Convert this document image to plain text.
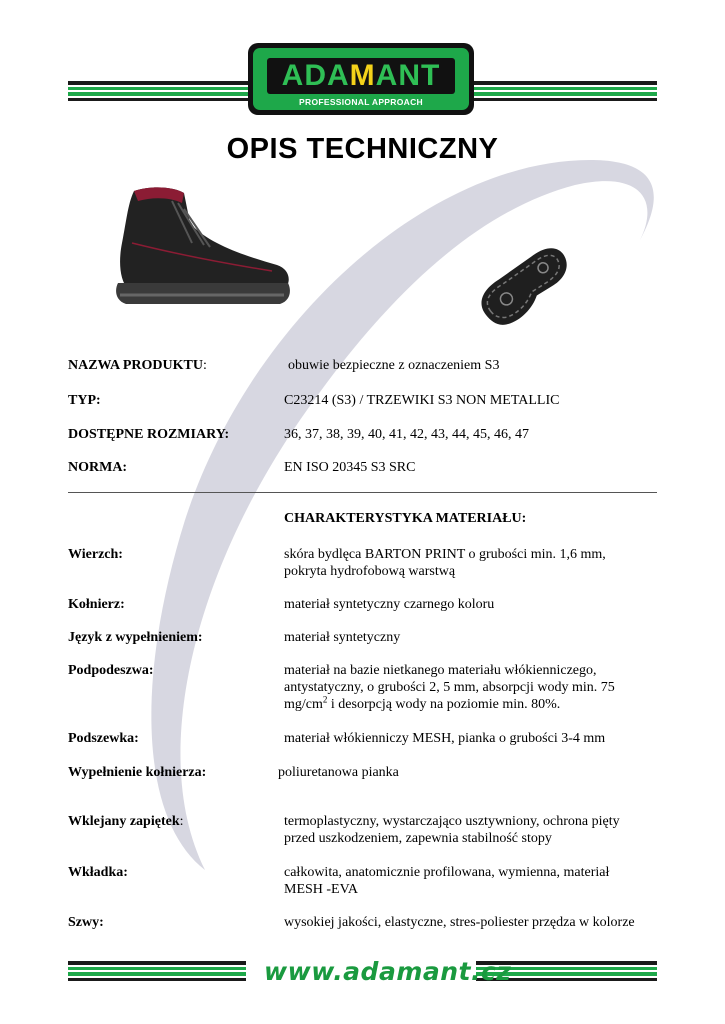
ADAMANT
PROFESSIONAL APPROACH
OPIS TECHNICZNY
NAZWA PRODUKTU:	obuwie bezpieczne z oznaczeniem S3
TYP:	C23214 (S3) / TRZEWIKI S3 NON METALLIC
DOSTĘPNE ROZMIARY:	36, 37, 38, 39, 40, 41, 42, 43, 44, 45, 46, 47
NORMA:	EN ISO 20345 S3 SRC
CHARAKTERYSTYKA MATERIAŁU:
Wierzch:	skóra bydlęca BARTON PRINT o grubości min. 1,6 mm,
pokryta hydrofobową warstwą
Kołnierz:	materiał syntetyczny czarnego koloru
Język z wypełnieniem:	materiał syntetyczny
Podpodeszwa:	materiał na bazie nietkanego materiału włókienniczego,
antystatyczny, o grubości 2, 5 mm, absorpcji wody min. 75
$mg/cm^2$ i desorpcją wody na poziomie min. 80%.
Podszewka:	materiał włókienniczy MESH, pianka o grubości 3-4 mm
Wypełnienie kołnierza:	poliuretanowa pianka
Wklejany zapiętek:	termoplastyczny, wystarczająco usztywniony, ochrona pięty
przed uszkodzeniem, zapewnia stabilność stopy
Wkładka:	całkowita, anatomicznie profilowana, wymienna, materiał
MESH -EVA
Szwy:	wysokiej jakości, elastyczne, stres-poliester przędza w kolorze
www.adamant.cz
